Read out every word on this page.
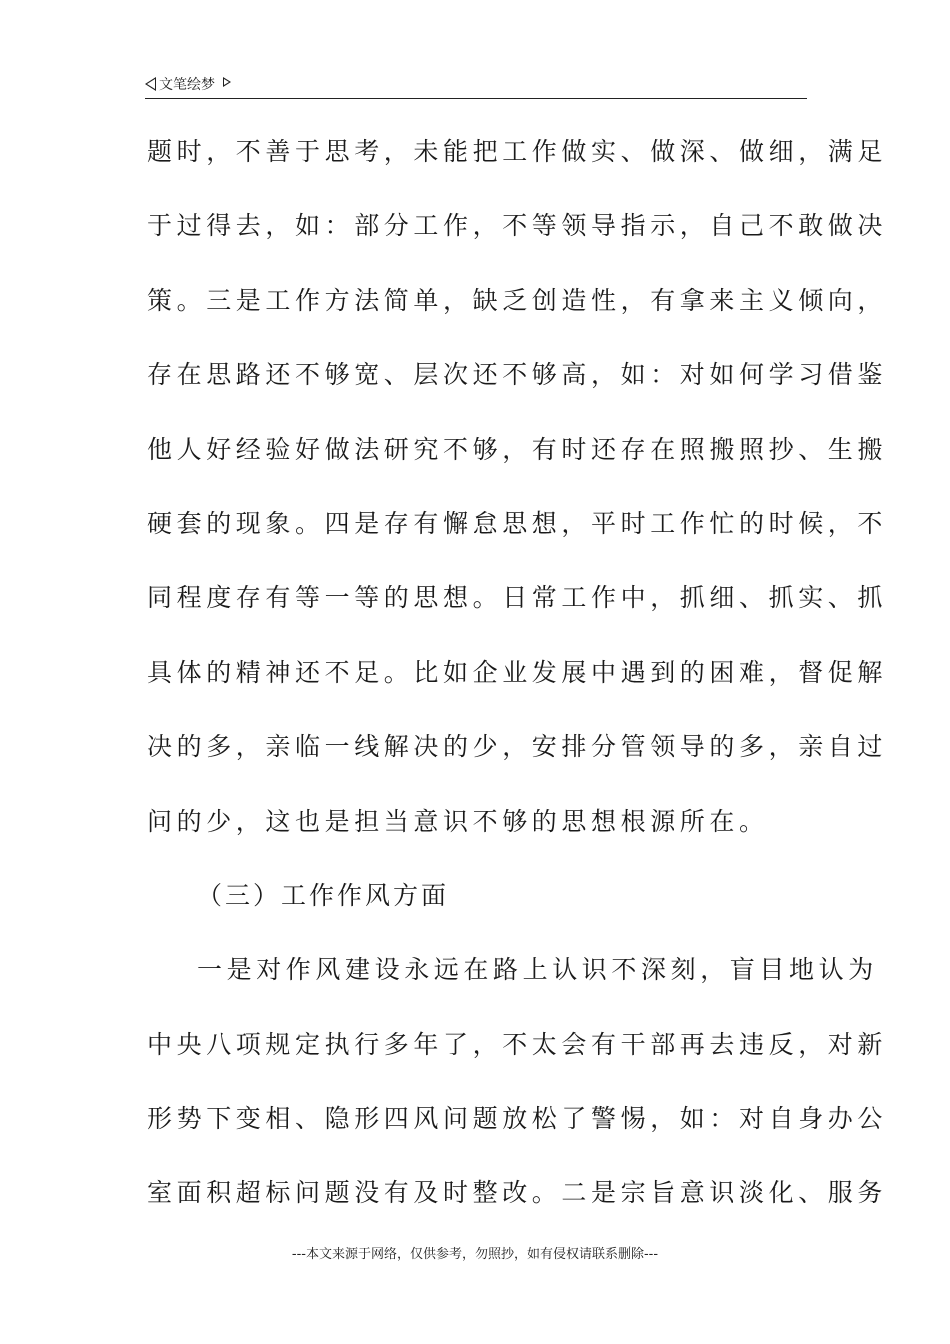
文笔绘梦
题时，不善于思考，未能把工作做实、做深、做细，满足
于过得去，如：部分工作，不等领导指示，自己不敢做决
策。三是工作方法简单，缺乏创造性，有拿来主义倾向，
存在思路还不够宽、层次还不够高，如：对如何学习借鉴
他人好经验好做法研究不够，有时还存在照搬照抄、生搬
硬套的现象。四是存有懈怠思想，平时工作忙的时候，不
同程度存有等一等的思想。日常工作中，抓细、抓实、抓
具体的精神还不足。比如企业发展中遇到的困难，督促解
决的多，亲临一线解决的少，安排分管领导的多，亲自过
问的少，这也是担当意识不够的思想根源所在。
（三）工作作风方面
一是对作风建设永远在路上认识不深刻，盲目地认为
中央八项规定执行多年了，不太会有干部再去违反，对新
形势下变相、隐形四风问题放松了警惕，如：对自身办公
室面积超标问题没有及时整改。二是宗旨意识淡化、服务
---本文来源于网络，仅供参考，勿照抄，如有侵权请联系删除---
